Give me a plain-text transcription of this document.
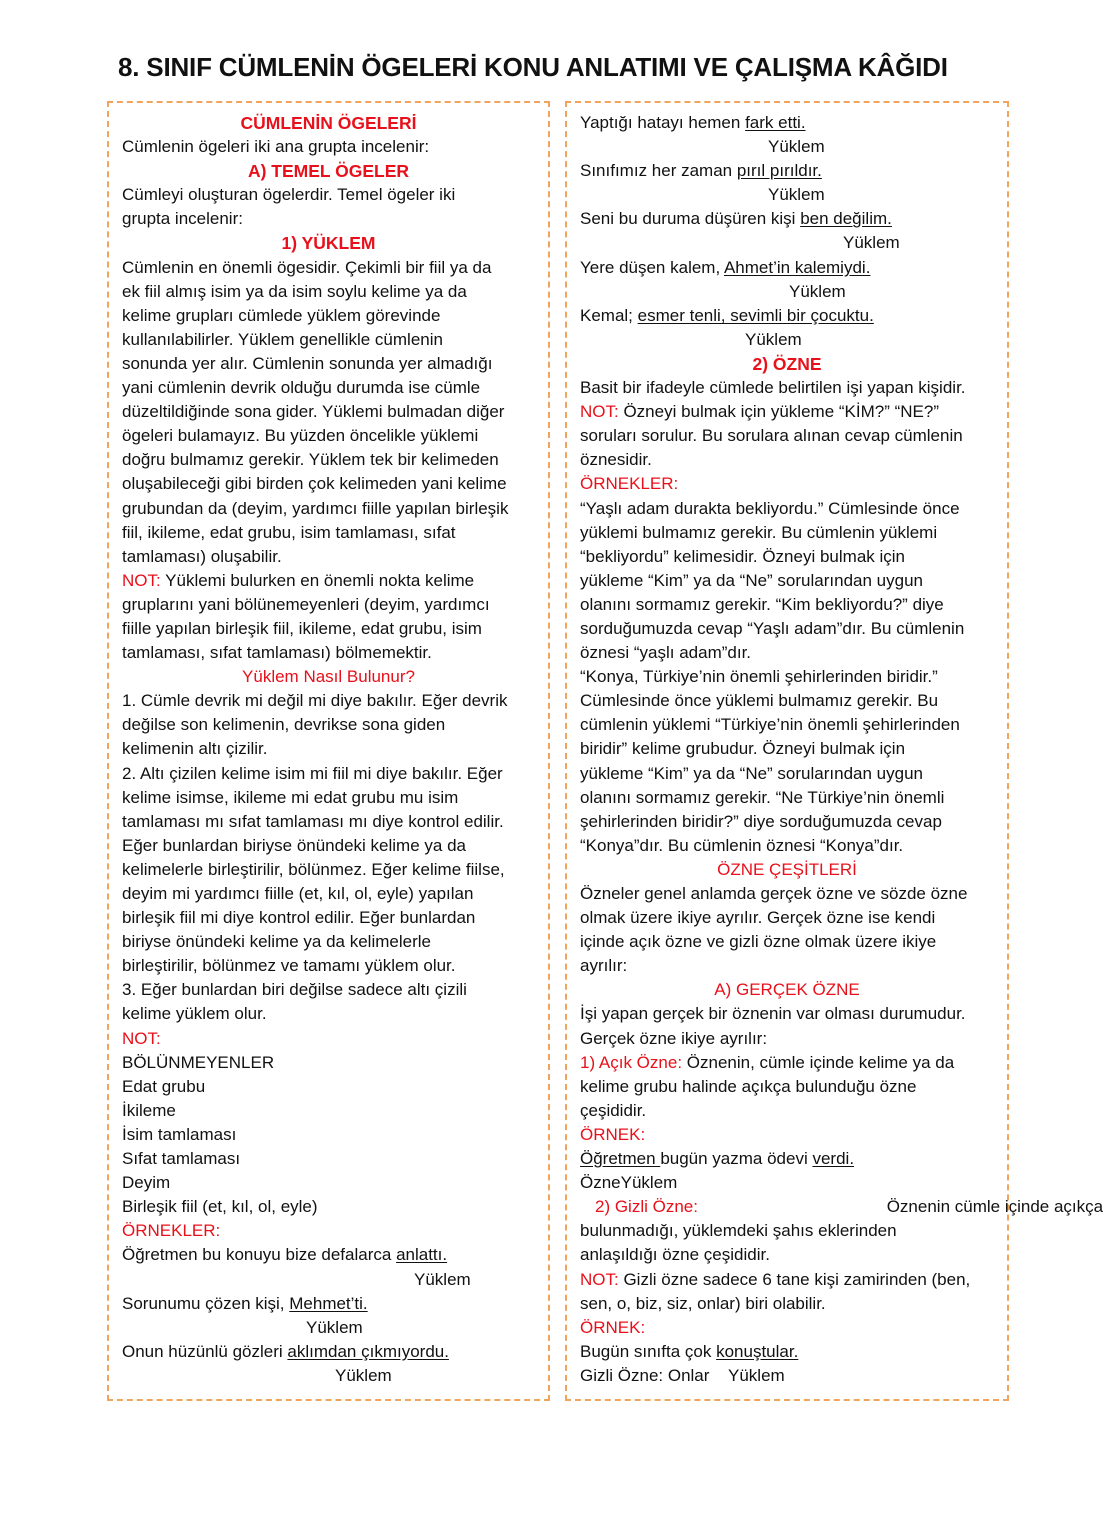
8. SINIF CÜMLENİN ÖGELERİ KONU ANLATIMI VE ÇALIŞMA KÂĞIDI
CÜMLENİN ÖGELERİ
Cümlenin ögeleri iki ana grupta incelenir:
A) TEMEL ÖGELER
Cümleyi oluşturan ögelerdir. Temel ögeler iki
grupta incelenir:
1) YÜKLEM
Cümlenin en önemli ögesidir. Çekimli bir fiil ya da
ek fiil almış isim ya da isim soylu kelime ya da
kelime grupları cümlede yüklem görevinde
kullanılabilirler. Yüklem genellikle cümlenin
sonunda yer alır. Cümlenin sonunda yer almadığı
yani cümlenin devrik olduğu durumda ise cümle
düzeltildiğinde sona gider. Yüklemi bulmadan diğer
ögeleri bulamayız. Bu yüzden öncelikle yüklemi
doğru bulmamız gerekir. Yüklem tek bir kelimeden
oluşabileceği gibi birden çok kelimeden yani kelime
grubundan da (deyim, yardımcı fiille yapılan birleşik
fiil, ikileme, edat grubu, isim tamlaması, sıfat
tamlaması) oluşabilir.
NOT: Yüklemi bulurken en önemli nokta kelime
gruplarını yani bölünemeyenleri (deyim, yardımcı
fiille yapılan birleşik fiil, ikileme, edat grubu, isim
tamlaması, sıfat tamlaması) bölmemektir.
Yüklem Nasıl Bulunur?
1. Cümle devrik mi değil mi diye bakılır. Eğer devrik
değilse son kelimenin, devrikse sona giden
kelimenin altı çizilir.
2. Altı çizilen kelime isim mi fiil mi diye bakılır. Eğer
kelime isimse, ikileme mi edat grubu mu isim
tamlaması mı sıfat tamlaması mı diye kontrol edilir.
Eğer bunlardan biriyse önündeki kelime ya da
kelimelerle birleştirilir, bölünmez. Eğer kelime fiilse,
deyim mi yardımcı fiille (et, kıl, ol, eyle) yapılan
birleşik fiil mi diye kontrol edilir. Eğer bunlardan
biriyse önündeki kelime ya da kelimelerle
birleştirilir, bölünmez ve tamamı yüklem olur.
3. Eğer bunlardan biri değilse sadece altı çizili
kelime yüklem olur.
NOT:
BÖLÜNMEYENLER
Edat grubu
İkileme
İsim tamlaması
Sıfat tamlaması
Deyim
Birleşik fiil (et, kıl, ol, eyle)
ÖRNEKLER:
Öğretmen bu konuyu bize defalarca anlattı.
Yüklem
Sorunumu çözen kişi, Mehmet’ti.
Yüklem
Onun hüzünlü gözleri aklımdan çıkmıyordu.
Yüklem
Yaptığı hatayı hemen fark etti.
Yüklem
Sınıfımız her zaman pırıl pırıldır.
Yüklem
Seni bu duruma düşüren kişi ben değilim.
Yüklem
Yere düşen kalem, Ahmet’in kalemiydi.
Yüklem
Kemal; esmer tenli, sevimli bir çocuktu.
Yüklem
2) ÖZNE
Basit bir ifadeyle cümlede belirtilen işi yapan kişidir.
NOT: Özneyi bulmak için yükleme “KİM?” “NE?”
soruları sorulur. Bu sorulara alınan cevap cümlenin
öznesidir.
ÖRNEKLER:
“Yaşlı adam durakta bekliyordu.” Cümlesinde önce
yüklemi bulmamız gerekir. Bu cümlenin yüklemi
“bekliyordu” kelimesidir. Özneyi bulmak için
yükleme “Kim” ya da “Ne” sorularından uygun
olanını sormamız gerekir. “Kim bekliyordu?” diye
sorduğumuzda cevap “Yaşlı adam”dır. Bu cümlenin
öznesi “yaşlı adam”dır.
“Konya, Türkiye’nin önemli şehirlerinden biridir.”
Cümlesinde önce yüklemi bulmamız gerekir. Bu
cümlenin yüklemi “Türkiye’nin önemli şehirlerinden
biridir” kelime grubudur. Özneyi bulmak için
yükleme “Kim” ya da “Ne” sorularından uygun
olanını sormamız gerekir. “Ne Türkiye’nin önemli
şehirlerinden biridir?” diye sorduğumuzda cevap
“Konya”dır. Bu cümlenin öznesi “Konya”dır.
ÖZNE ÇEŞİTLERİ
Özneler genel anlamda gerçek özne ve sözde özne
olmak üzere ikiye ayrılır. Gerçek özne ise kendi
içinde açık özne ve gizli özne olmak üzere ikiye
ayrılır:
A) GERÇEK ÖZNE
İşi yapan gerçek bir öznenin var olması durumudur.
Gerçek özne ikiye ayrılır:
1) Açık Özne: Öznenin, cümle içinde kelime ya da
kelime grubu halinde açıkça bulunduğu özne
çeşididir.
ÖRNEK:
Öğretmen bugün yazma ödevi verdi.
ÖzneYüklem
2) Gizli Özne:	Öznenin cümle içinde açıkça
bulunmadığı, yüklemdeki şahıs eklerinden
anlaşıldığı özne çeşididir.
NOT: Gizli özne sadece 6 tane kişi zamirinden (ben,
sen, o, biz, siz, onlar) biri olabilir.
ÖRNEK:
Bugün sınıfta çok konuştular.
Gizli Özne: Onlar    Yüklem
